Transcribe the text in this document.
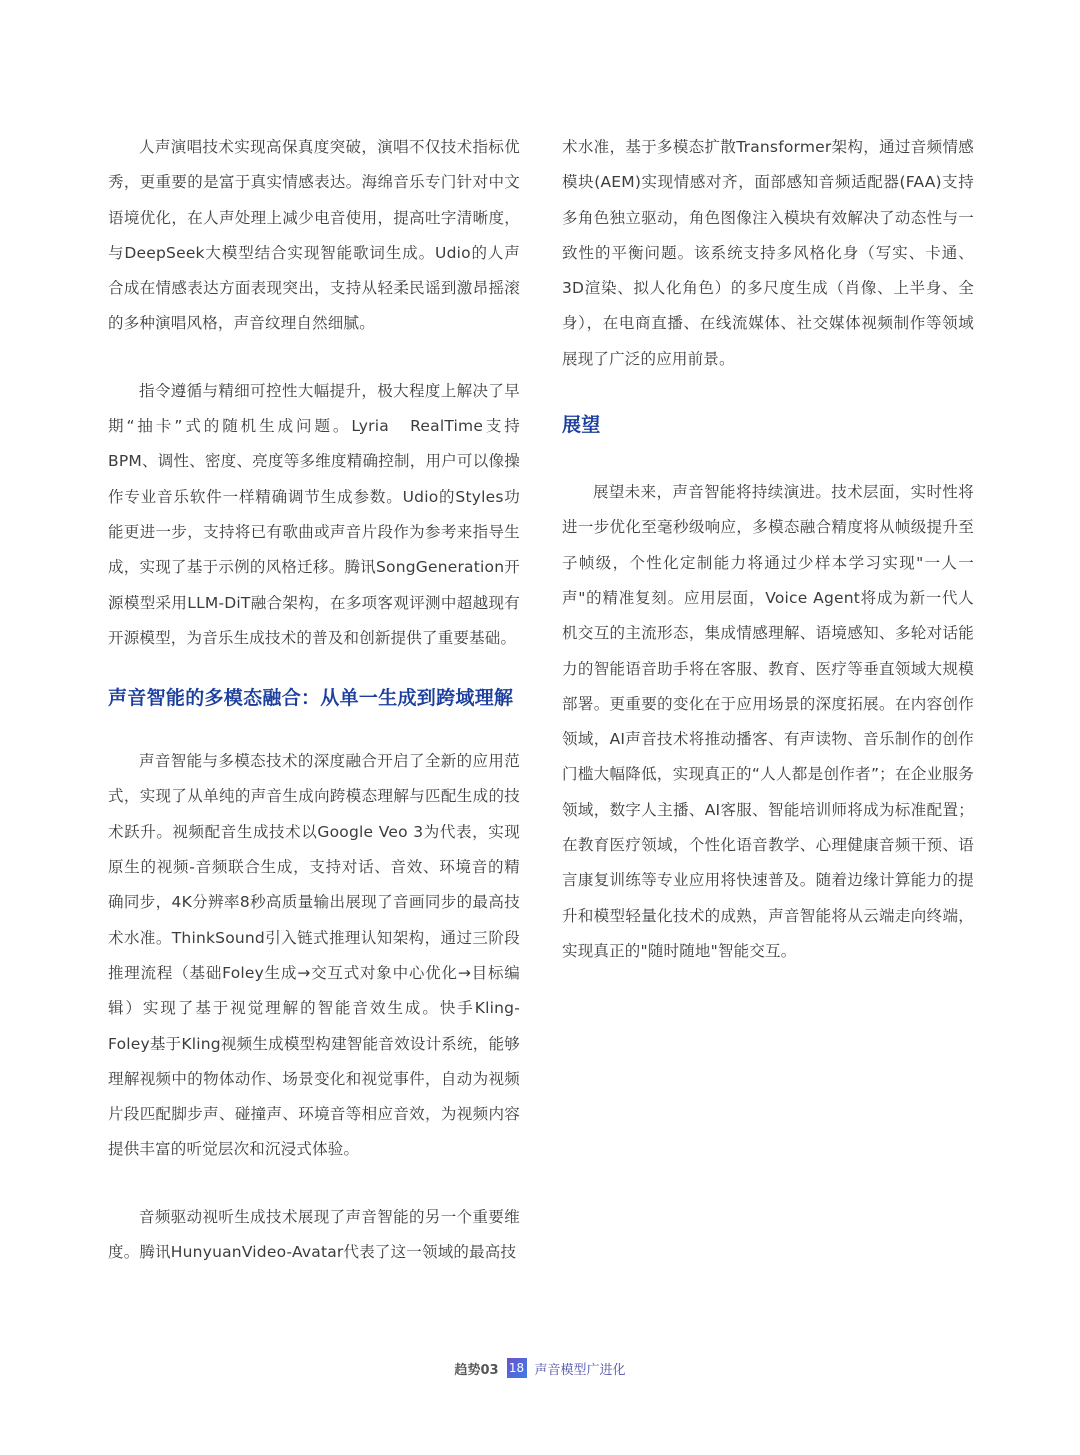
人声演唱技术实现高保真度突破，演唱不仅技术指标优秀，更重要的是富于真实情感表达。海绵音乐专门针对中文语境优化，在人声处理上减少电音使用，提高吐字清晰度，与DeepSeek大模型结合实现智能歌词生成。Udio的人声合成在情感表达方面表现突出，支持从轻柔民谣到激昂摇滚的多种演唱风格，声音纹理自然细腻。

指令遵循与精细可控性大幅提升，极大程度上解决了早期“抽卡”式的随机生成问题。Lyria　RealTime支持BPM、调性、密度、亮度等多维度精确控制，用户可以像操作专业音乐软件一样精确调节生成参数。Udio的Styles功能更进一步，支持将已有歌曲或声音片段作为参考来指导生成，实现了基于示例的风格迁移。腾讯SongGeneration开源模型采用LLM-DiT融合架构，在多项客观评测中超越现有开源模型，为音乐生成技术的普及和创新提供了重要基础。

声音智能的多模态融合：从单一生成到跨域理解

声音智能与多模态技术的深度融合开启了全新的应用范式，实现了从单纯的声音生成向跨模态理解与匹配生成的技术跃升。视频配音生成技术以Google Veo 3为代表，实现原生的视频-音频联合生成，支持对话、音效、环境音的精确同步，4K分辨率8秒高质量输出展现了音画同步的最高技术水准。ThinkSound引入链式推理认知架构，通过三阶段推理流程（基础Foley生成→交互式对象中心优化→目标编辑）实现了基于视觉理解的智能音效生成。快手Kling-Foley基于Kling视频生成模型构建智能音效设计系统，能够理解视频中的物体动作、场景变化和视觉事件，自动为视频片段匹配脚步声、碰撞声、环境音等相应音效，为视频内容提供丰富的听觉层次和沉浸式体验。

音频驱动视听生成技术展现了声音智能的另一个重要维度。腾讯HunyuanVideo-Avatar代表了这一领域的最高技

术水准，基于多模态扩散Transformer架构，通过音频情感模块(AEM)实现情感对齐，面部感知音频适配器(FAA)支持多角色独立驱动，角色图像注入模块有效解决了动态性与一致性的平衡问题。该系统支持多风格化身（写实、卡通、3D渲染、拟人化角色）的多尺度生成（肖像、上半身、全身），在电商直播、在线流媒体、社交媒体视频制作等领域展现了广泛的应用前景。

展望

展望未来，声音智能将持续演进。技术层面，实时性将进一步优化至毫秒级响应，多模态融合精度将从帧级提升至子帧级，个性化定制能力将通过少样本学习实现"一人一声"的精准复刻。应用层面，Voice Agent将成为新一代人机交互的主流形态，集成情感理解、语境感知、多轮对话能力的智能语音助手将在客服、教育、医疗等垂直领域大规模部署。更重要的变化在于应用场景的深度拓展。在内容创作领域，AI声音技术将推动播客、有声读物、音乐制作的创作门槛大幅降低，实现真正的“人人都是创作者”；在企业服务领域，数字人主播、AI客服、智能培训师将成为标准配置；在教育医疗领域，个性化语音教学、心理健康音频干预、语言康复训练等专业应用将快速普及。随着边缘计算能力的提升和模型轻量化技术的成熟，声音智能将从云端走向终端，实现真正的"随时随地"智能交互。

趋势03 18 声音模型广进化
